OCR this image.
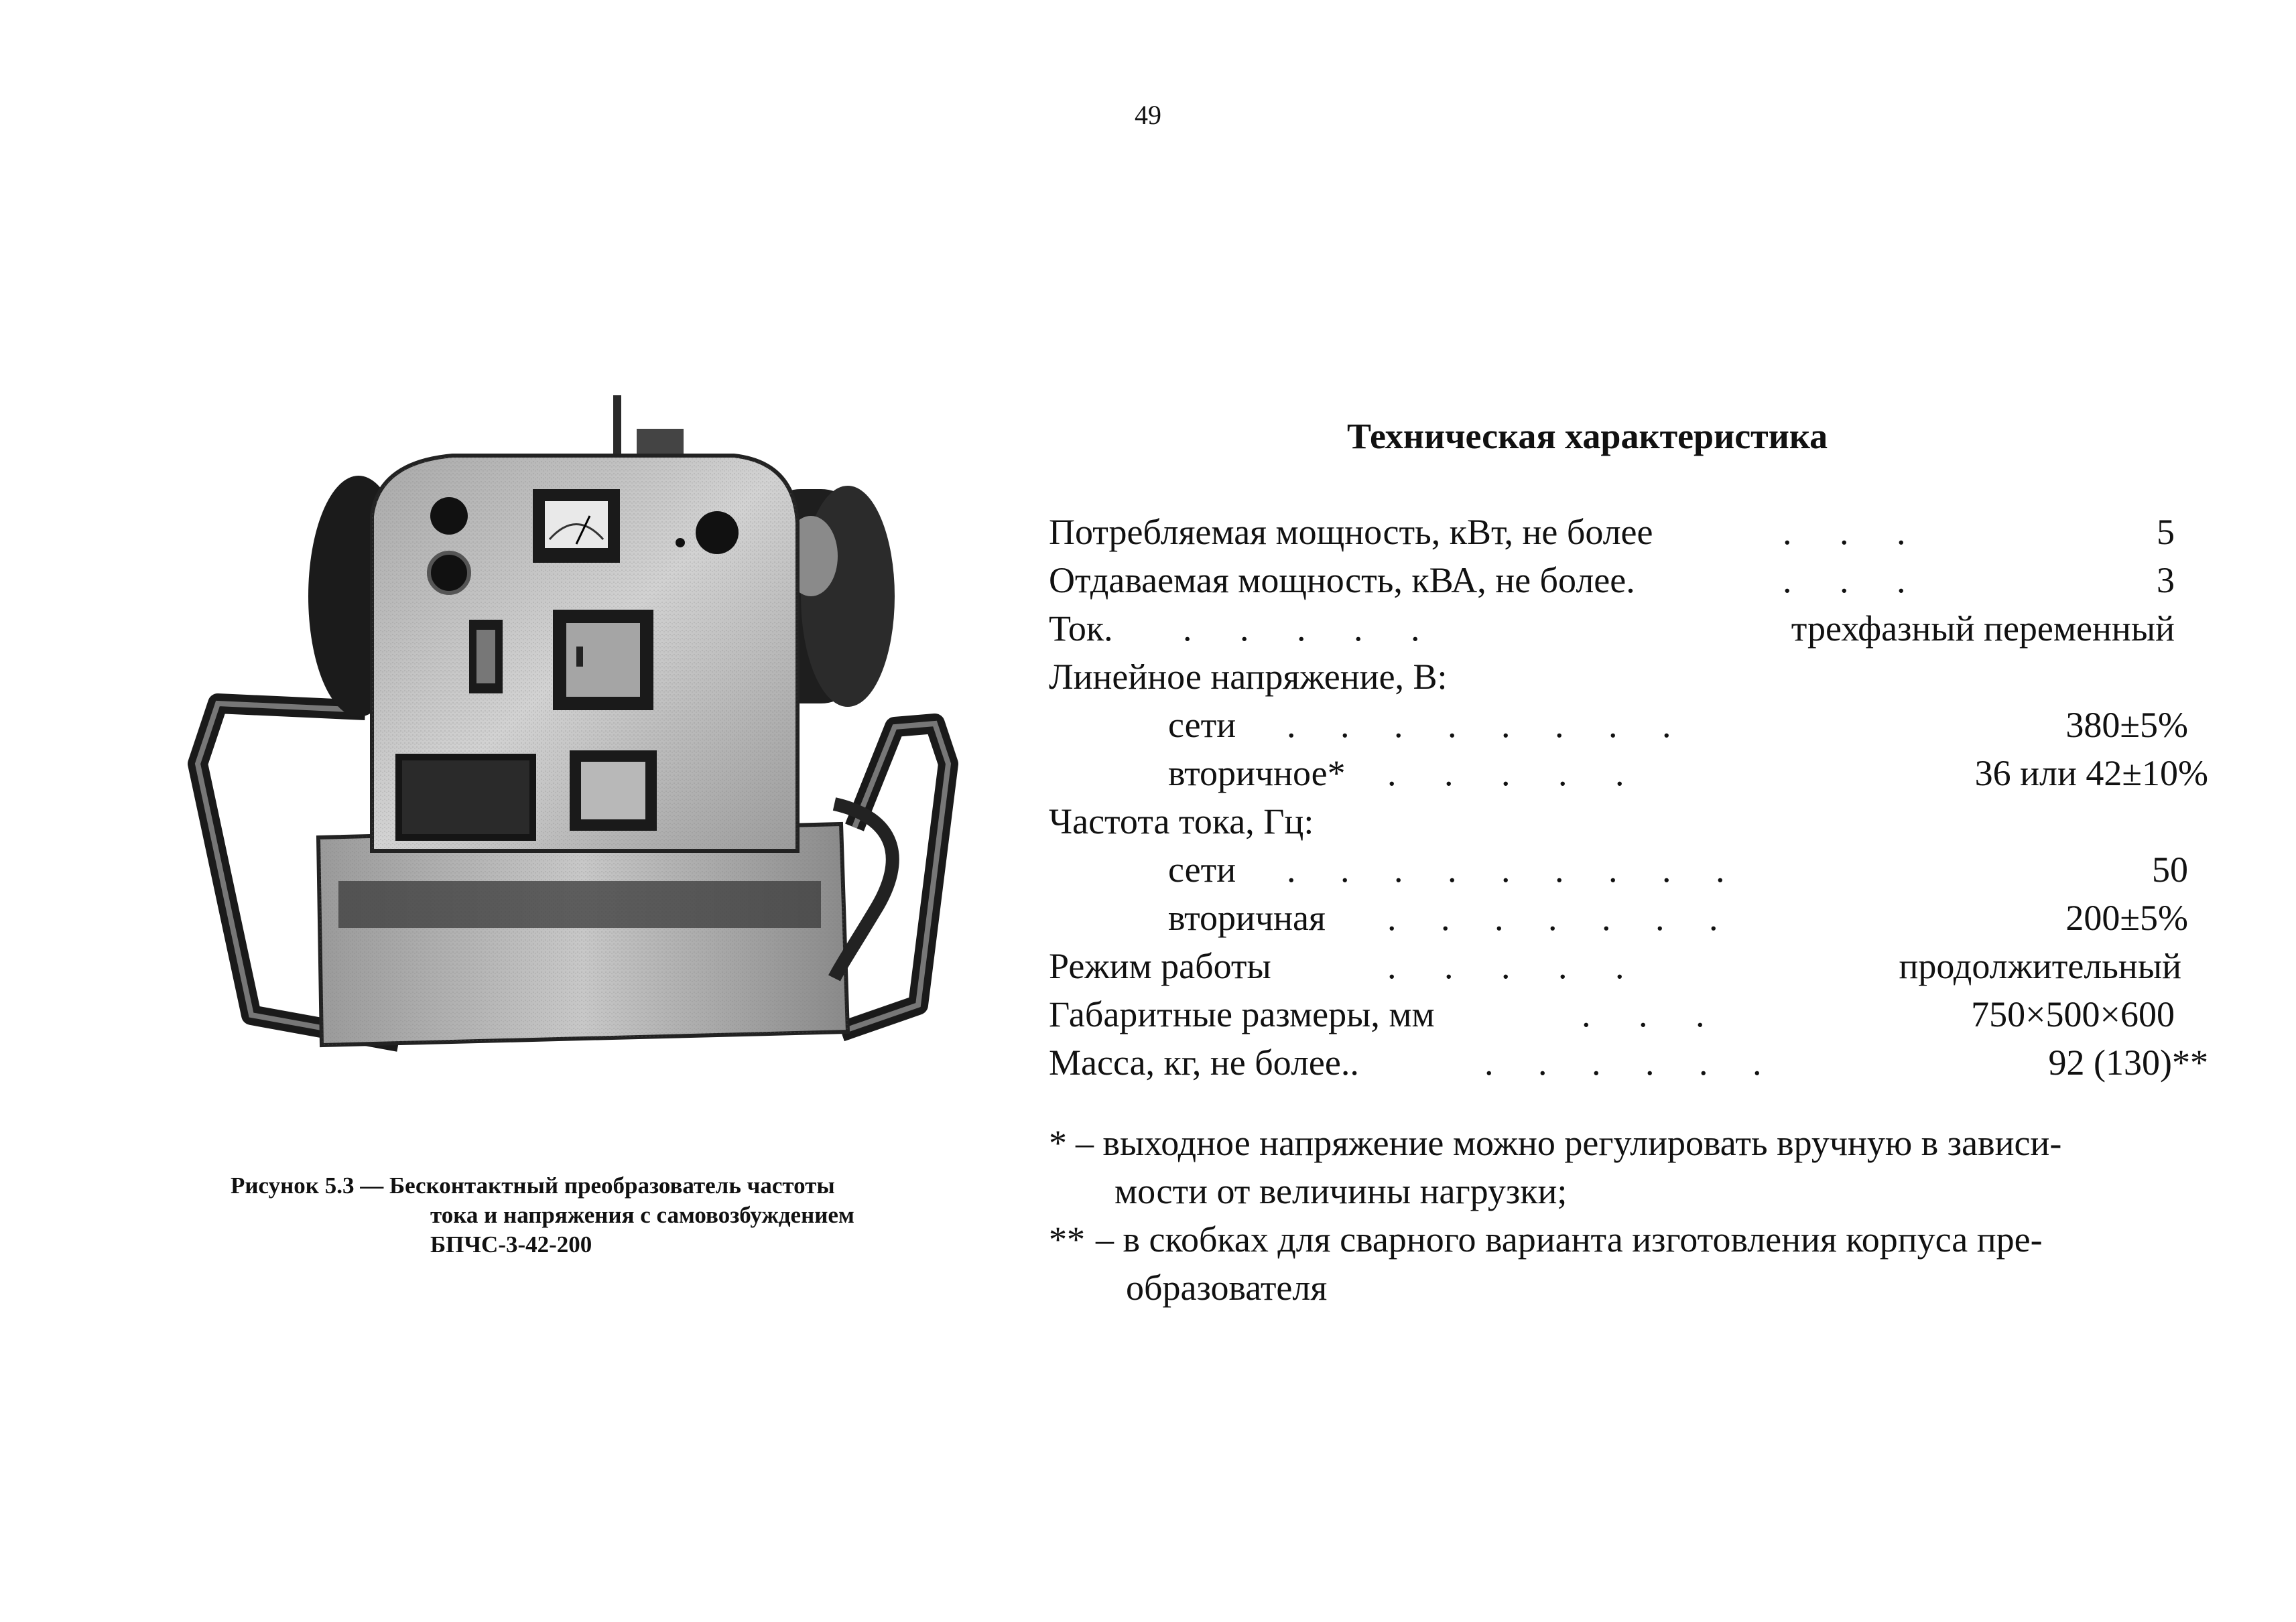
49
Рисунок 5.3 — Бесконтактный преобразователь частоты
тока и напряжения с самовозбуждением
БПЧС-3-42-200
Техническая характеристика
Потребляемая мощность, кВт, не более	. . .	5
Отдаваемая мощность, кВА, не более.	. . .	3
Ток. . . . . .	трехфазный переменный
Линейное напряжение, В:
сети . . . . . . . .	380±5%
вторичное* . . . . .	36 или 42±10%
Частота тока, Гц:
сети . . . . . . . . .	50
вторичная . . . . . . .	200±5%
Режим работы	. . . . .	продолжительный
Габаритные размеры, мм	. . .	750×500×600
Масса, кг, не более..	. . . . . .	92 (130)**
* – выходное напряжение можно регулировать вручную в зависи-
мости от величины нагрузки;
** – в скобках для сварного варианта изготовления корпуса пре-
образователя
